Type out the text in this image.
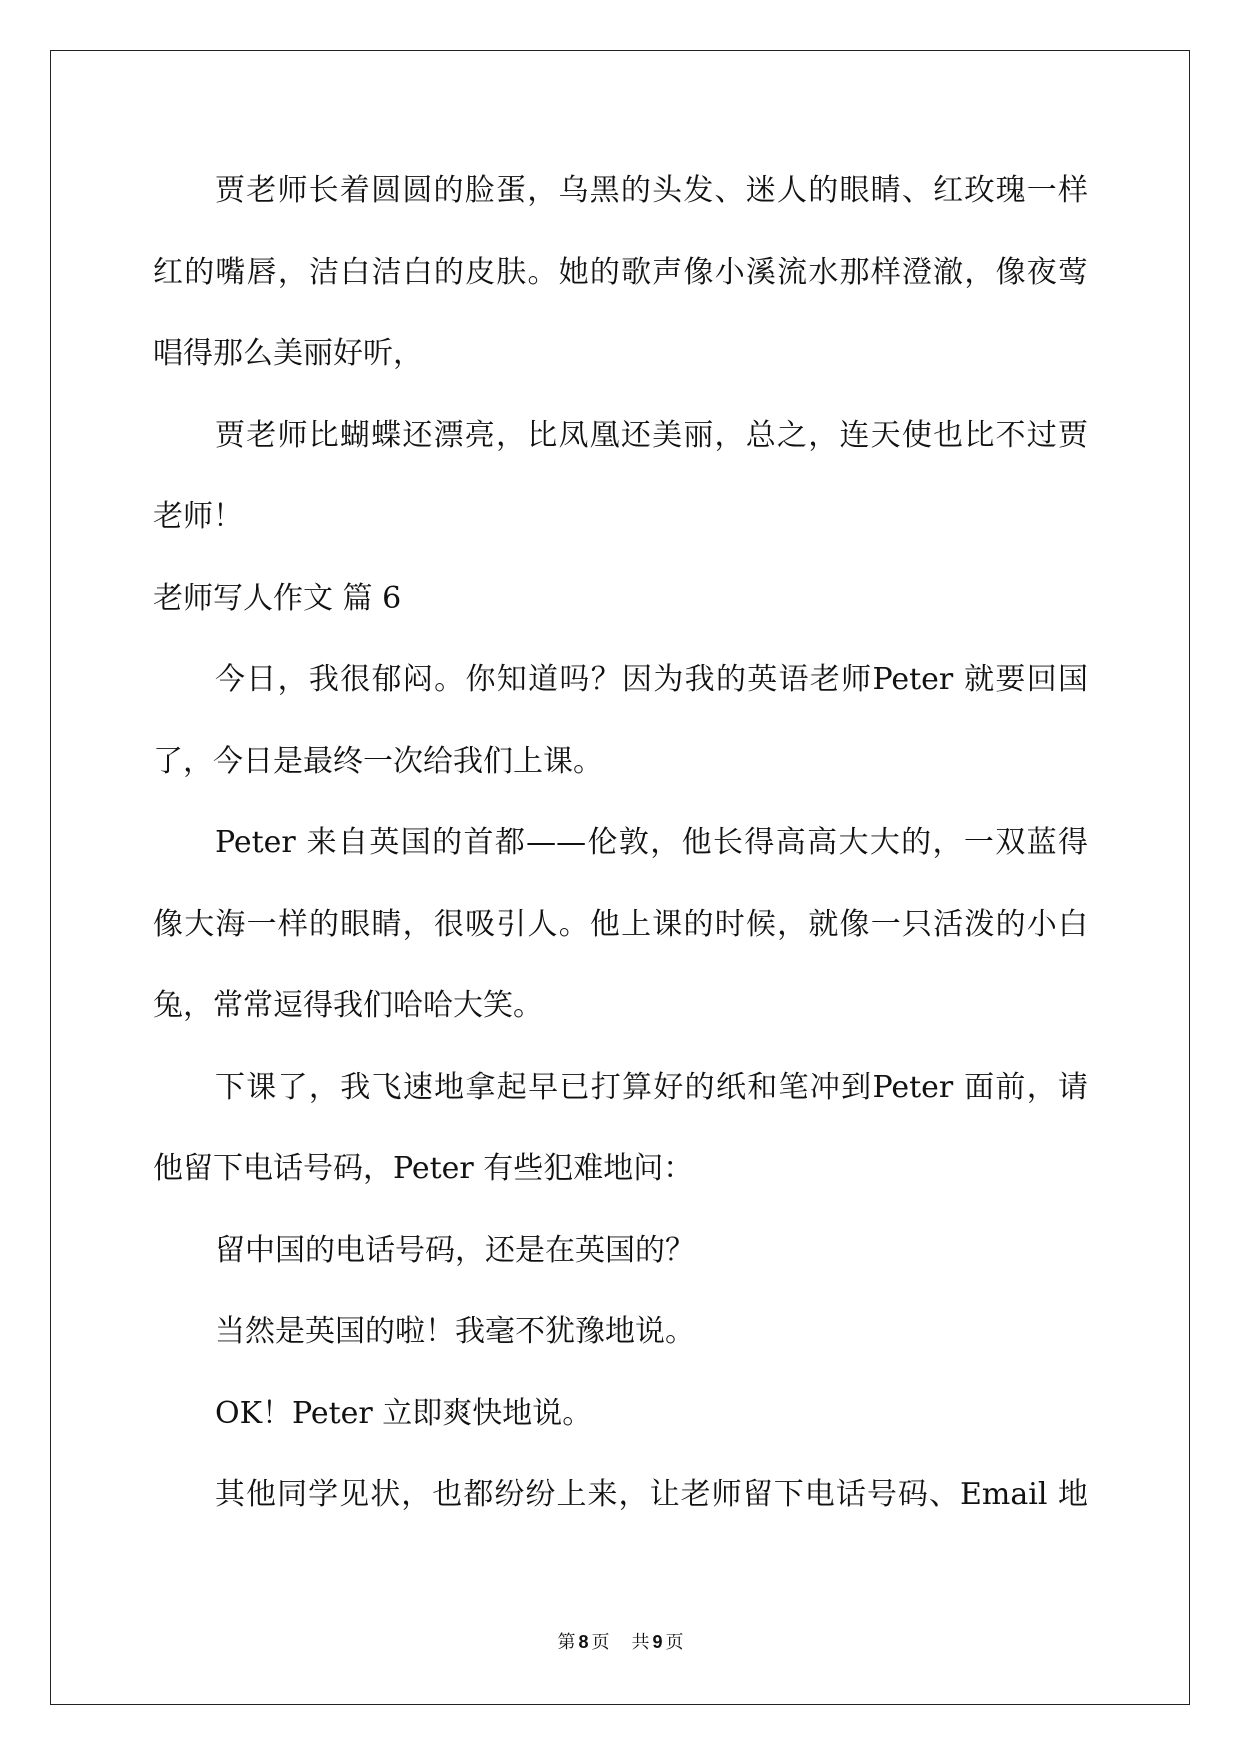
贾老师长着圆圆的脸蛋，乌黑的头发、迷人的眼睛、红玫瑰一样
红的嘴唇，洁白洁白的皮肤。她的歌声像小溪流水那样澄澈，像夜莺
唱得那么美丽好听，
贾老师比蝴蝶还漂亮，比凤凰还美丽，总之，连天使也比不过贾
老师！
老师写人作文 篇 6
今日，我很郁闷。你知道吗？因为我的英语老师Peter 就要回国
了，今日是最终一次给我们上课。
Peter 来自英国的首都——伦敦，他长得高高大大的，一双蓝得
像大海一样的眼睛，很吸引人。他上课的时候，就像一只活泼的小白
兔，常常逗得我们哈哈大笑。
下课了，我飞速地拿起早已打算好的纸和笔冲到Peter 面前，请
他留下电话号码，Peter 有些犯难地问：
留中国的电话号码，还是在英国的？
当然是英国的啦！我毫不犹豫地说。
OK！Peter 立即爽快地说。
其他同学见状，也都纷纷上来，让老师留下电话号码、Email 地
第 8 页 共 9 页
